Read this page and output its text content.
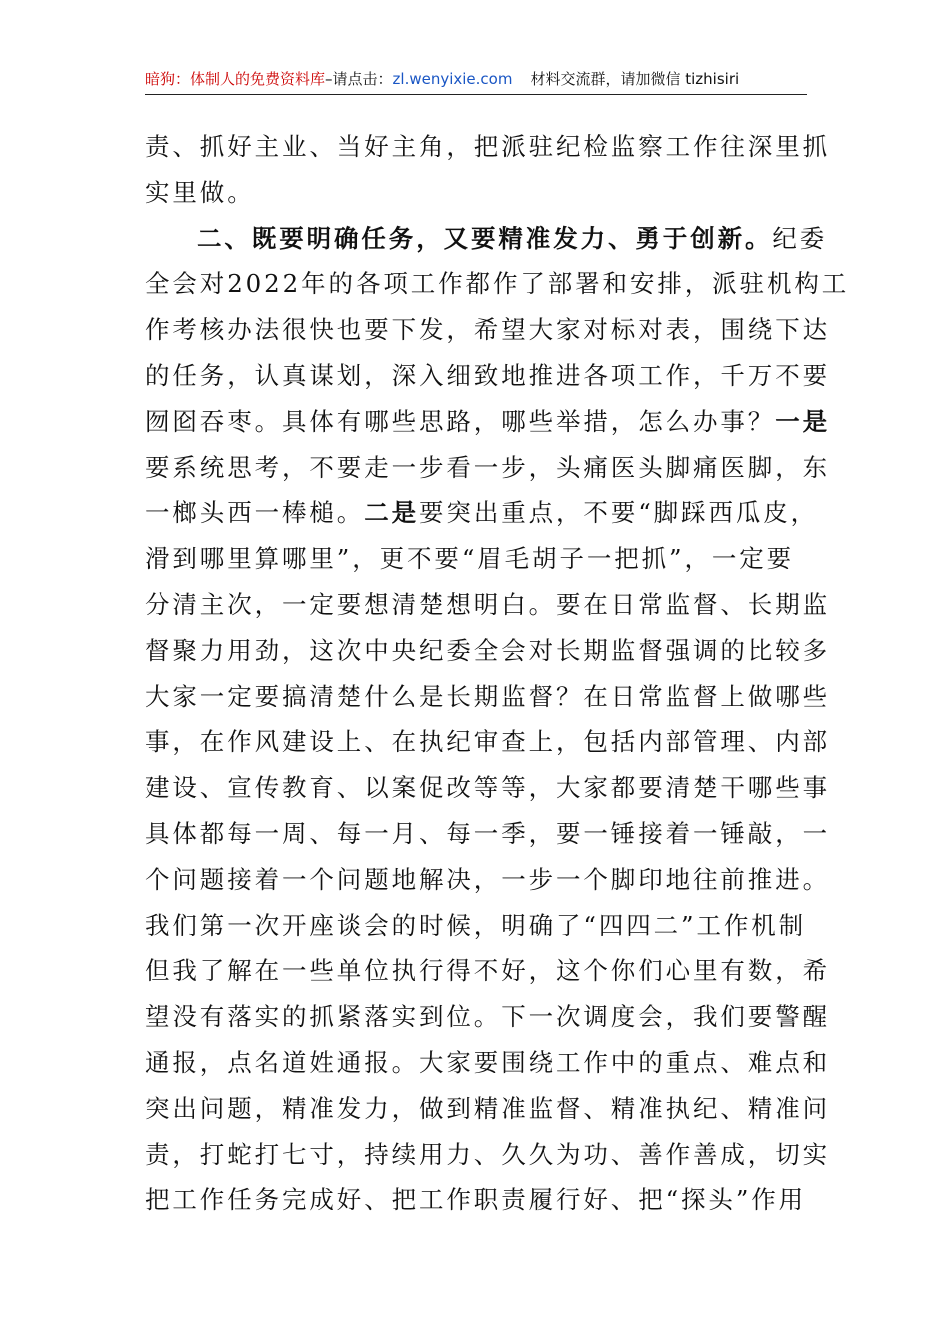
暗狗：体制人的免费资料库–请点击：zl.wenyixie.com 材料交流群，请加微信 tizhisiri
责、抓好主业、当好主角，把派驻纪检监察工作往深里抓
实里做。
二、既要明确任务，又要精准发力、勇于创新。纪委
全会对2022年的各项工作都作了部署和安排，派驻机构工
作考核办法很快也要下发，希望大家对标对表，围绕下达
的任务，认真谋划，深入细致地推进各项工作，千万不要
囫囵吞枣。具体有哪些思路，哪些举措，怎么办事？一是
要系统思考，不要走一步看一步，头痛医头脚痛医脚，东
一榔头西一棒槌。二是要突出重点，不要“脚踩西瓜皮，
滑到哪里算哪里”，更不要“眉毛胡子一把抓”，一定要
分清主次，一定要想清楚想明白。要在日常监督、长期监
督聚力用劲，这次中央纪委全会对长期监督强调的比较多
大家一定要搞清楚什么是长期监督？在日常监督上做哪些
事，在作风建设上、在执纪审查上，包括内部管理、内部
建设、宣传教育、以案促改等等，大家都要清楚干哪些事
具体都每一周、每一月、每一季，要一锤接着一锤敲，一
个问题接着一个问题地解决，一步一个脚印地往前推进。
我们第一次开座谈会的时候，明确了“四四二”工作机制
但我了解在一些单位执行得不好，这个你们心里有数，希
望没有落实的抓紧落实到位。下一次调度会，我们要警醒
通报，点名道姓通报。大家要围绕工作中的重点、难点和
突出问题，精准发力，做到精准监督、精准执纪、精准问
责，打蛇打七寸，持续用力、久久为功、善作善成，切实
把工作任务完成好、把工作职责履行好、把“探头”作用
